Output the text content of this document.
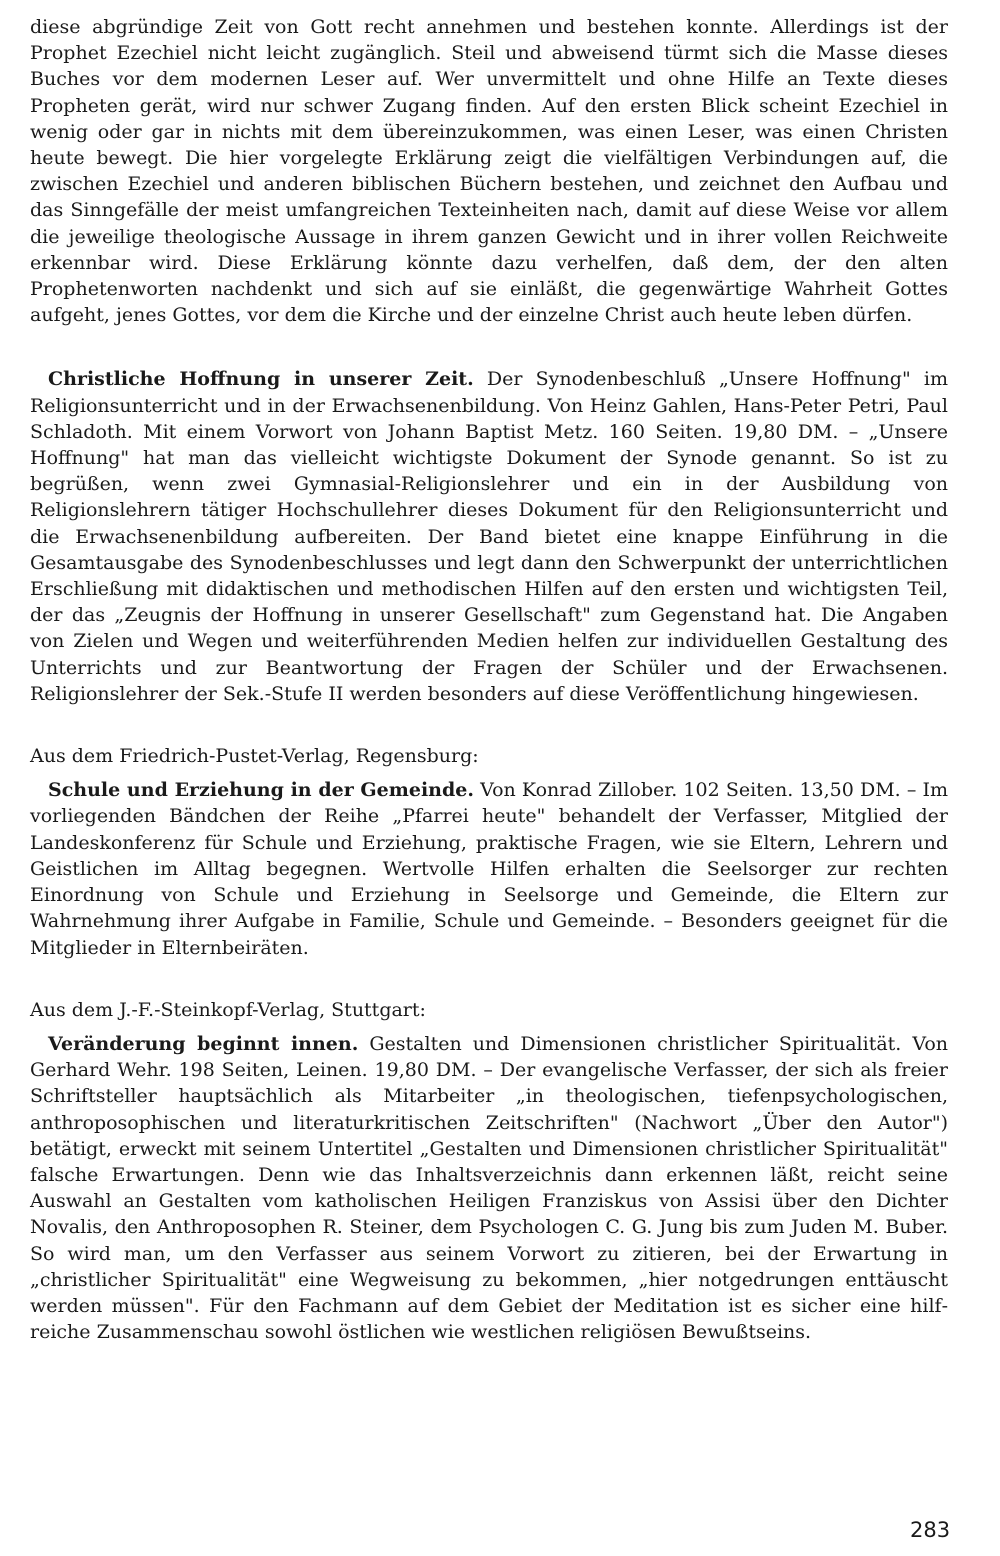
diese abgründige Zeit von Gott recht annehmen und bestehen konnte. Allerdings ist der Prophet Ezechiel nicht leicht zugänglich. Steil und abweisend türmt sich die Masse dieses Buches vor dem modernen Leser auf. Wer unvermittelt und ohne Hilfe an Texte dieses Propheten gerät, wird nur schwer Zugang finden. Auf den ersten Blick scheint Ezechiel in wenig oder gar in nichts mit dem übereinzukommen, was einen Leser, was einen Christen heute bewegt. Die hier vorgelegte Erklärung zeigt die vielfältigen Verbindungen auf, die zwischen Ezechiel und anderen biblischen Büchern bestehen, und zeichnet den Aufbau und das Sinngefälle der meist umfangreichen Texteinheiten nach, damit auf diese Weise vor allem die jeweilige theologische Aussage in ihrem ganzen Gewicht und in ihrer vollen Reichweite erkennbar wird. Diese Erklärung könnte dazu verhelfen, daß dem, der den alten Prophetenworten nachdenkt und sich auf sie einläßt, die gegenwärtige Wahrheit Gottes aufgeht, jenes Gottes, vor dem die Kirche und der einzelne Christ auch heute leben dürfen.

Christliche Hoffnung in unserer Zeit. Der Synodenbeschluß „Unsere Hoffnung" im Religionsunterricht und in der Erwachsenenbildung. Von Heinz Gahlen, Hans-Peter Petri, Paul Schladoth. Mit einem Vorwort von Johann Baptist Metz. 160 Seiten. 19,80 DM. – „Unsere Hoffnung" hat man das vielleicht wichtigste Dokument der Synode genannt. So ist zu begrüßen, wenn zwei Gymnasial-Religionslehrer und ein in der Ausbildung von Religionslehrern tätiger Hochschullehrer dieses Dokument für den Religionsunterricht und die Erwachsenenbildung aufbereiten. Der Band bietet eine knappe Einführung in die Gesamtausgabe des Synodenbeschlusses und legt dann den Schwerpunkt der unterrichtlichen Erschließung mit didaktischen und methodischen Hilfen auf den ersten und wichtigsten Teil, der das „Zeugnis der Hoffnung in unserer Gesellschaft" zum Gegenstand hat. Die Angaben von Zielen und Wegen und weiterführenden Medien helfen zur individuellen Gestaltung des Unterrichts und zur Beantwortung der Fragen der Schüler und der Erwachsenen. Religionslehrer der Sek.-Stufe II werden besonders auf diese Veröffentlichung hingewiesen.

Aus dem Friedrich-Pustet-Verlag, Regensburg:

Schule und Erziehung in der Gemeinde. Von Konrad Zillober. 102 Seiten. 13,50 DM. – Im vorliegenden Bändchen der Reihe „Pfarrei heute" behandelt der Verfasser, Mitglied der Landeskonferenz für Schule und Erziehung, praktische Fragen, wie sie Eltern, Lehrern und Geistlichen im Alltag begegnen. Wertvolle Hilfen erhalten die Seelsorger zur rechten Einordnung von Schule und Erziehung in Seelsorge und Gemeinde, die Eltern zur Wahrnehmung ihrer Aufgabe in Familie, Schule und Gemeinde. – Besonders geeignet für die Mitglieder in Elternbeiräten.

Aus dem J.-F.-Steinkopf-Verlag, Stuttgart:

Veränderung beginnt innen. Gestalten und Dimensionen christlicher Spiritualität. Von Gerhard Wehr. 198 Seiten, Leinen. 19,80 DM. – Der evangelische Verfasser, der sich als freier Schriftsteller hauptsächlich als Mitarbeiter „in theologischen, tiefenpsychologischen, anthroposophischen und literaturkritischen Zeitschriften" (Nachwort „Über den Autor") betätigt, erweckt mit seinem Untertitel „Gestalten und Dimensionen christlicher Spiritualität" falsche Erwartungen. Denn wie das Inhaltsverzeichnis dann erkennen läßt, reicht seine Auswahl an Gestalten vom katholischen Heiligen Franziskus von Assisi über den Dichter Novalis, den Anthroposophen R. Steiner, dem Psychologen C. G. Jung bis zum Juden M. Buber. So wird man, um den Verfasser aus seinem Vorwort zu zitieren, bei der Erwartung in „christlicher Spiritualität" eine Wegweisung zu bekommen, „hier notgedrungen enttäuscht werden müssen". Für den Fachmann auf dem Gebiet der Meditation ist es sicher eine hilfreiche Zusammenschau sowohl östlichen wie westlichen religiösen Bewußtseins.

283
